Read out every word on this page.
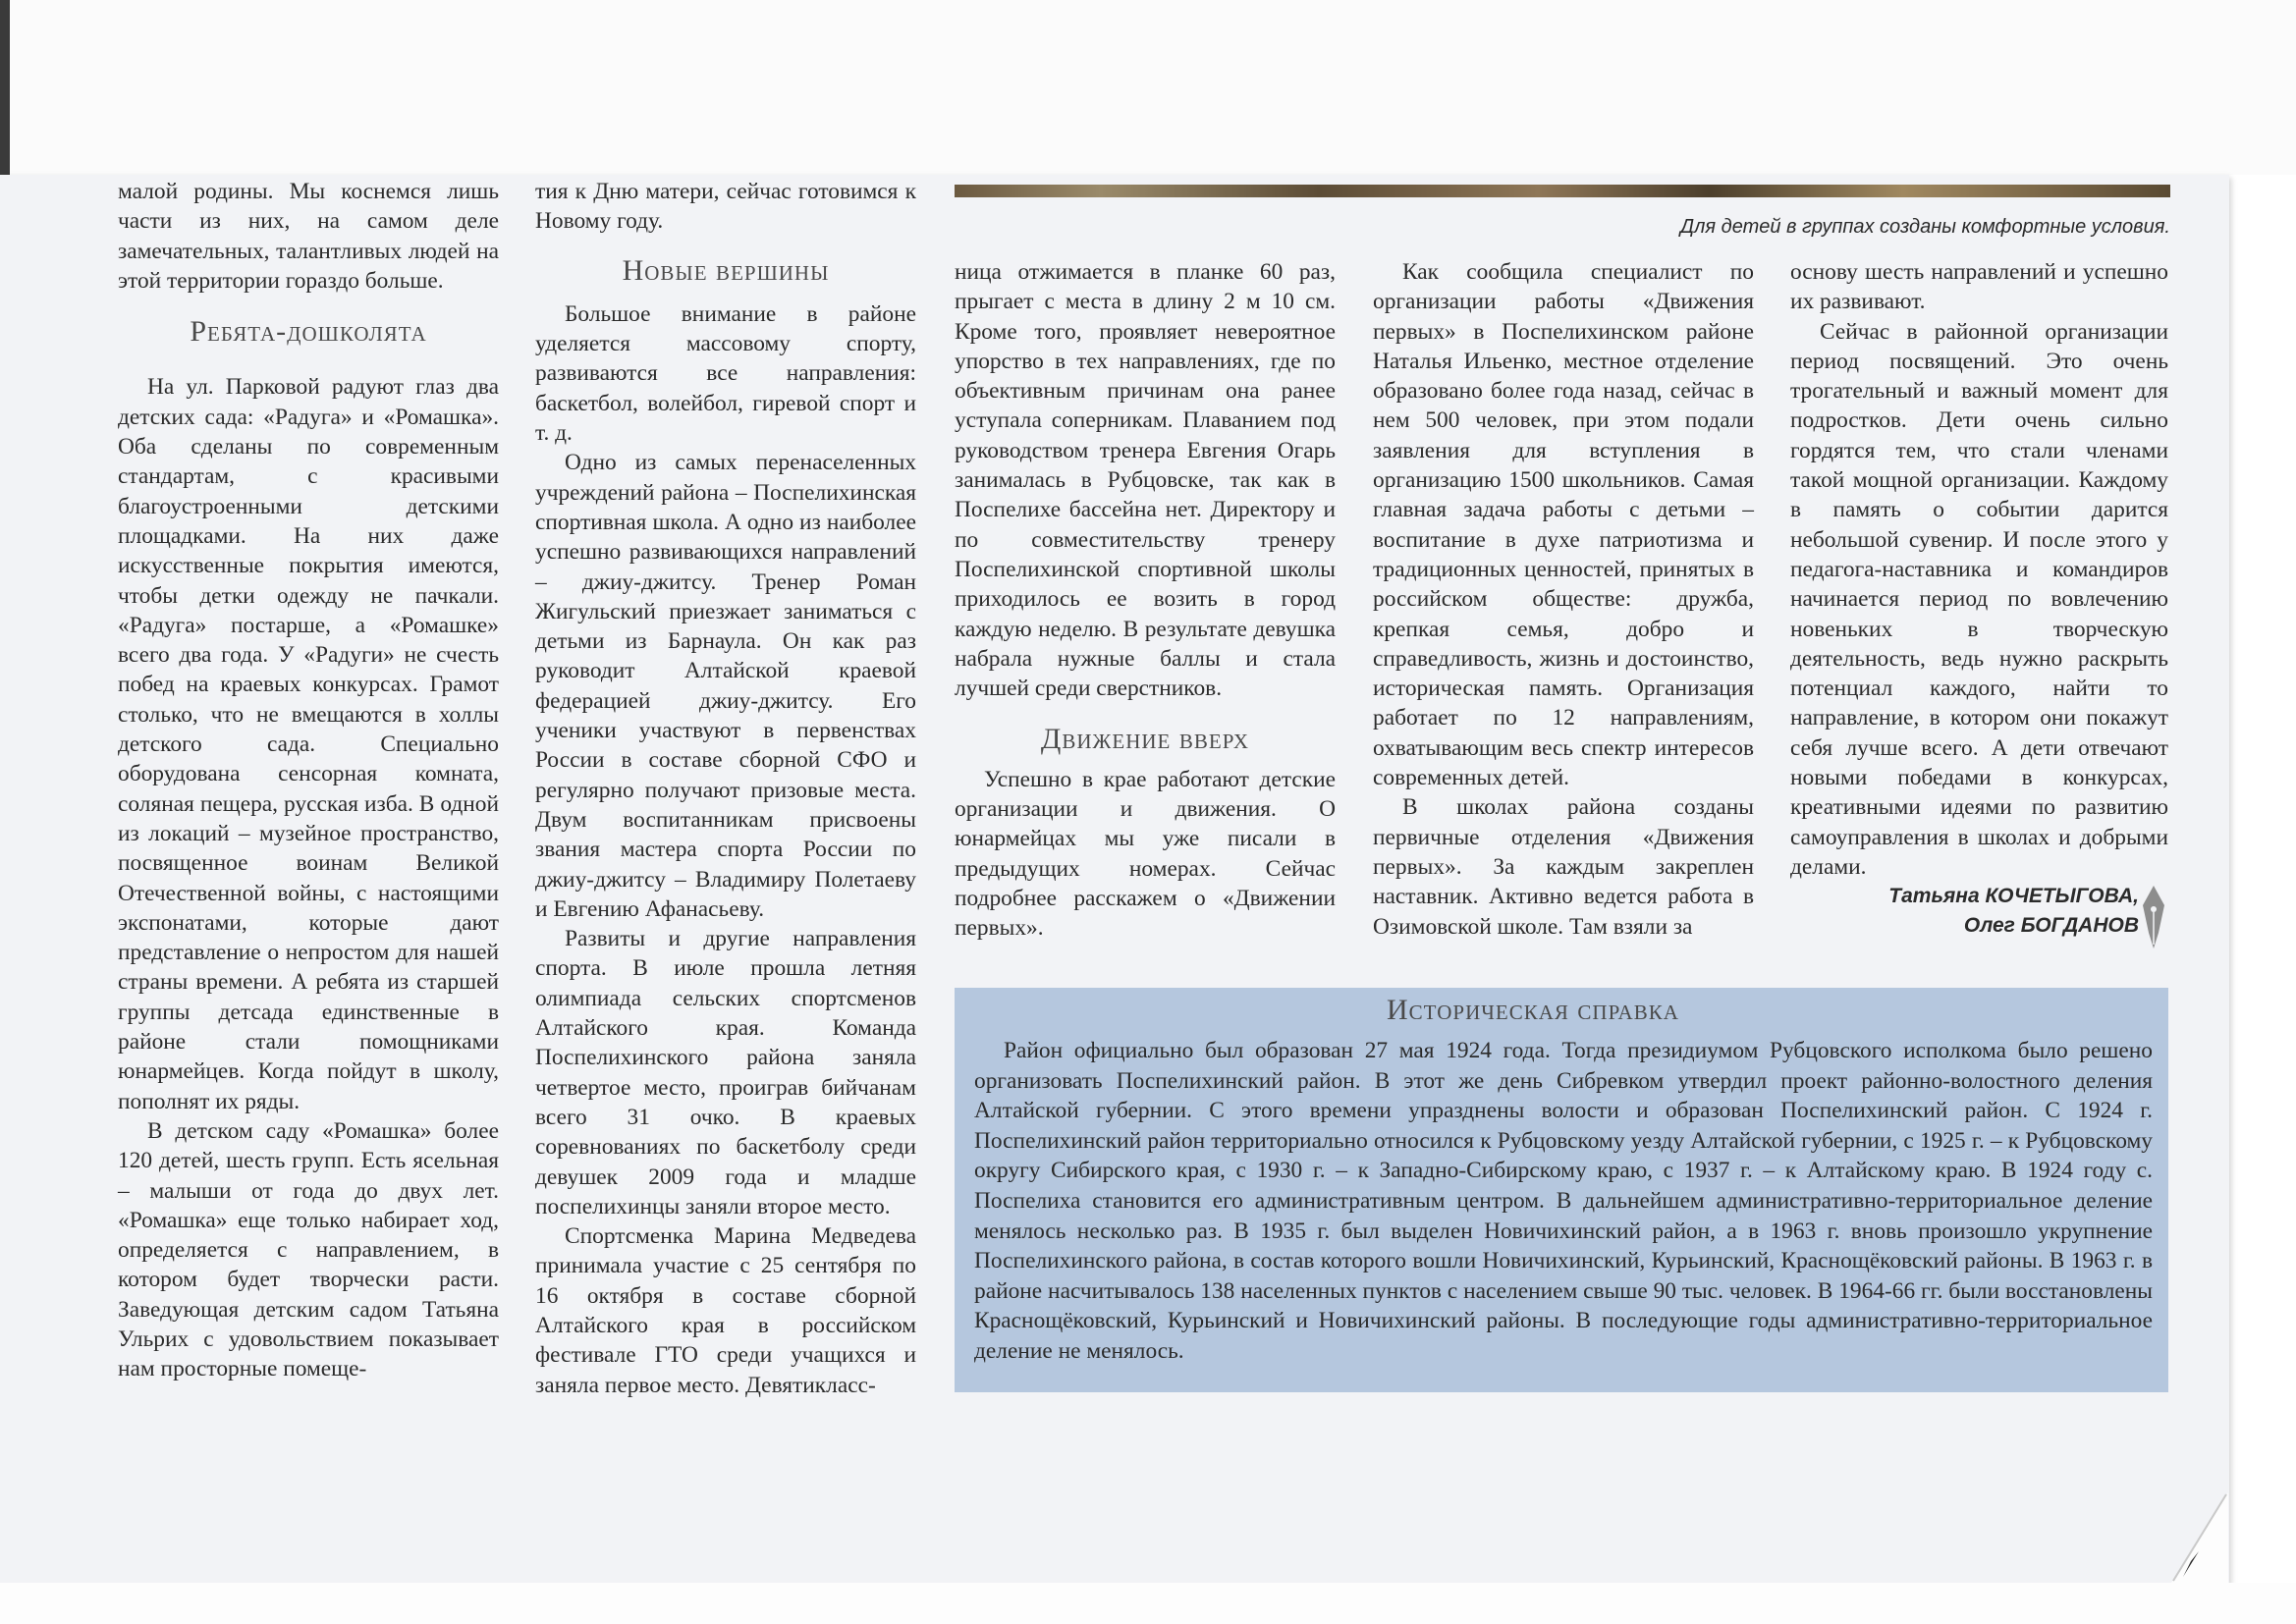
Для детей в группах созданы комфортные условия.

малой родины. Мы коснемся лишь части из них, на самом деле замечательных, талантливых людей на этой территории гораздо больше.

Ребята-дошколята

На ул. Парковой радуют глаз два детских сада: «Радуга» и «Ромашка». Оба сделаны по современным стандартам, с красивыми благоустроенными детскими площадками. На них даже искусственные покрытия имеются, чтобы детки одежду не пачкали. «Радуга» постарше, а «Ромашке» всего два года. У «Радуги» не счесть побед на краевых конкурсах. Грамот столько, что не вмещаются в холлы детского сада. Специально оборудована сенсорная комната, соляная пещера, русская изба. В одной из локаций – музейное пространство, посвященное воинам Великой Отечественной войны, с настоящими экспонатами, которые дают представление о непростом для нашей страны времени. А ребята из старшей группы детсада единственные в районе стали помощниками юнармейцев. Когда пойдут в школу, пополнят их ряды.

В детском саду «Ромашка» более 120 детей, шесть групп. Есть ясельная – малыши от года до двух лет. «Ромашка» еще только набирает ход, определяется с направлением, в котором будет творчески расти. Заведующая детским садом Татьяна Ульрих с удовольствием показывает нам просторные помеще-

тия к Дню матери, сейчас готовимся к Новому году.

Новые вершины

Большое внимание в районе уделяется массовому спорту, развиваются все направления: баскетбол, волейбол, гиревой спорт и т. д.

Одно из самых перенаселенных учреждений района – Поспелихинская спортивная школа. А одно из наиболее успешно развивающихся направлений – джиу-джитсу. Тренер Роман Жигульский приезжает заниматься с детьми из Барнаула. Он как раз руководит Алтайской краевой федерацией джиу-джитсу. Его ученики участвуют в первенствах России в составе сборной СФО и регулярно получают призовые места. Двум воспитанникам присвоены звания мастера спорта России по джиу-джитсу – Владимиру Полетаеву и Евгению Афанасьеву.

Развиты и другие направления спорта. В июле прошла летняя олимпиада сельских спортсменов Алтайского края. Команда Поспелихинского района заняла четвертое место, проиграв бийчанам всего 31 очко. В краевых соревнованиях по баскетболу среди девушек 2009 года и младше поспелихинцы заняли второе место.

Спортсменка Марина Медведева принимала участие с 25 сентября по 16 октября в составе сборной Алтайского края в российском фестивале ГТО среди учащихся и заняла первое место. Девятикласс-

ница отжимается в планке 60 раз, прыгает с места в длину 2 м 10 см. Кроме того, проявляет невероятное упорство в тех направлениях, где по объективным причинам она ранее уступала соперникам. Плаванием под руководством тренера Евгения Огарь занималась в Рубцовске, так как в Поспелихе бассейна нет. Директору и по совместительству тренеру Поспелихинской спортивной школы приходилось ее возить в город каждую неделю. В результате девушка набрала нужные баллы и стала лучшей среди сверстников.

Движение вверх

Успешно в крае работают детские организации и движения. О юнармейцах мы уже писали в предыдущих номерах. Сейчас подробнее расскажем о «Движении первых».

Как сообщила специалист по организации работы «Движения первых» в Поспелихинском районе Наталья Ильенко, местное отделение образовано более года назад, сейчас в нем 500 человек, при этом подали заявления для вступления в организацию 1500 школьников. Самая главная задача работы с детьми – воспитание в духе патриотизма и традиционных ценностей, принятых в российском обществе: дружба, крепкая семья, добро и справедливость, жизнь и достоинство, историческая память. Организация работает по 12 направлениям, охватывающим весь спектр интересов современных детей.

В школах района созданы первичные отделения «Движения первых». За каждым закреплен наставник. Активно ведется работа в Озимовской школе. Там взяли за

основу шесть направлений и успешно их развивают.

Сейчас в районной организации период посвящений. Это очень трогательный и важный момент для подростков. Дети очень сильно гордятся тем, что стали членами такой мощной организации. Каждому в память о событии дарится небольшой сувенир. И после этого у педагога-наставника и командиров начинается период по вовлечению новеньких в творческую деятельность, ведь нужно раскрыть потенциал каждого, найти то направление, в котором они покажут себя лучше всего. А дети отвечают новыми победами в конкурсах, креативными идеями по развитию самоуправления в школах и добрыми делами.

Татьяна КОЧЕТЫГОВА,
Олег БОГДАНОВ
Историческая справка
Район официально был образован 27 мая 1924 года. Тогда президиумом Рубцовского исполкома было решено организовать Поспелихинский район. В этот же день Сибревком утвердил проект районно-волостного деления Алтайской губернии. С этого времени упразднены волости и образован Поспелихинский район. С 1924 г. Поспелихинский район территориально относился к Рубцовскому уезду Алтайской губернии, с 1925 г. – к Рубцовскому округу Сибирского края, с 1930 г. – к Западно-Сибирскому краю, с 1937 г. – к Алтайскому краю. В 1924 году с. Поспелиха становится его административным центром. В дальнейшем административно-территориальное деление менялось несколько раз. В 1935 г. был выделен Новичихинский район, а в 1963 г. вновь произошло укрупнение Поспелихинского района, в состав которого вошли Новичихинский, Курьинский, Краснощёковский районы. В 1963 г. в районе насчитывалось 138 населенных пунктов с населением свыше 90 тыс. человек. В 1964-66 гг. были восстановлены Краснощёковский, Курьинский и Новичихинский районы. В последующие годы административно-территориальное деление не менялось.
